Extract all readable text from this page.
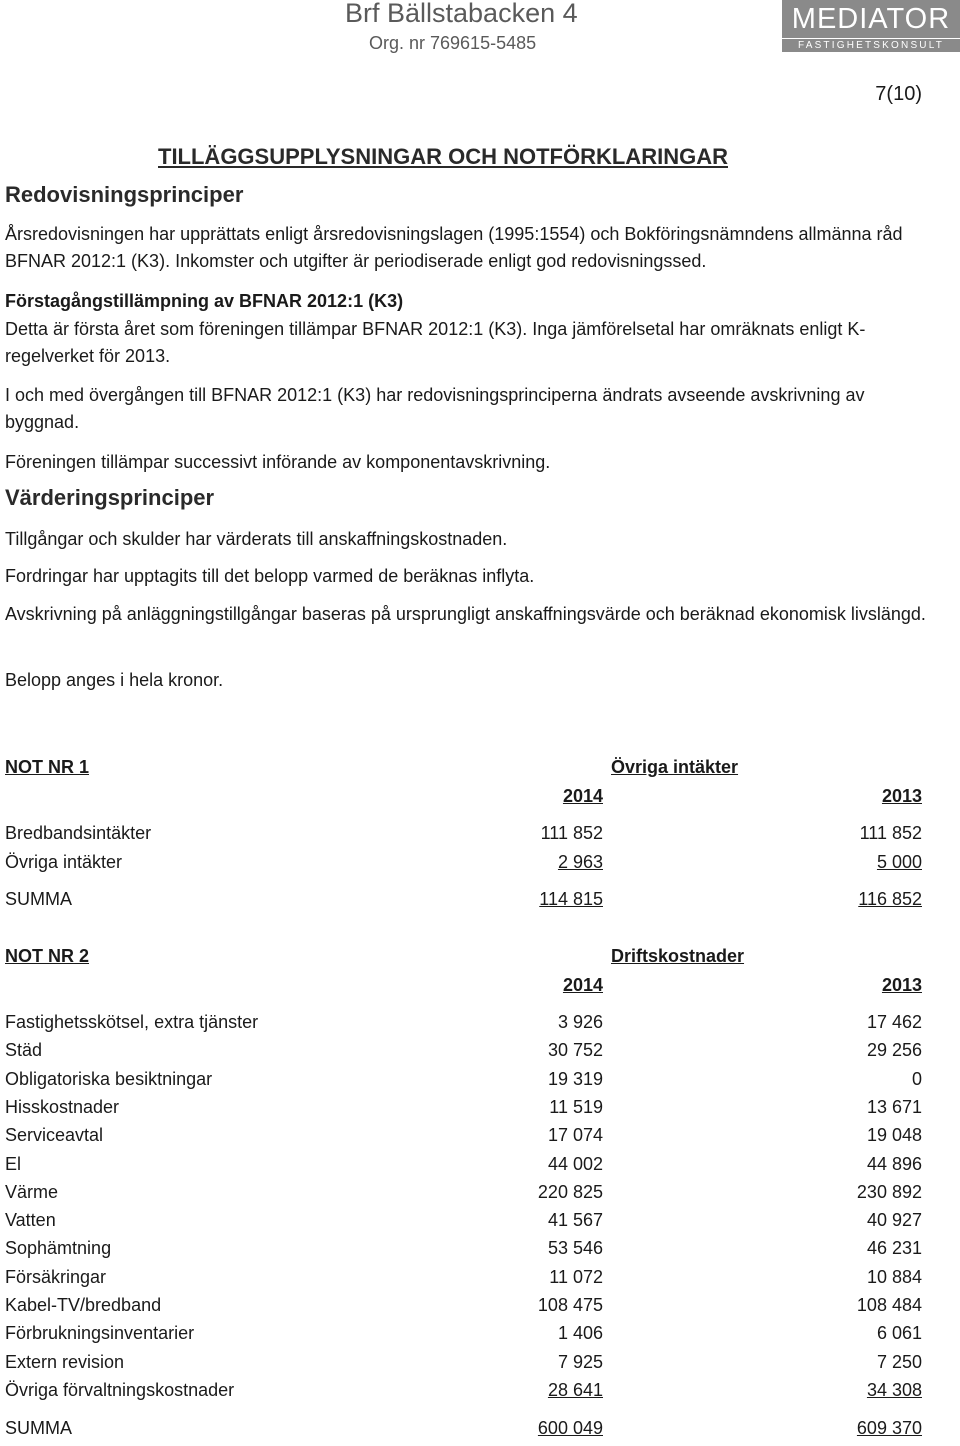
Brf Bällstabacken 4
Org. nr 769615-5485
MEDIATOR
FASTIGHETSKONSULT
7(10)
TILLÄGGSUPPLYSNINGAR OCH NOTFÖRKLARINGAR
Redovisningsprinciper
Årsredovisningen har upprättats enligt årsredovisningslagen (1995:1554) och Bokföringsnämndens allmänna råd BFNAR 2012:1 (K3). Inkomster och utgifter är periodiserade enligt god redovisningssed.
Förstagångstillämpning av BFNAR 2012:1 (K3)
Detta är första året som föreningen tillämpar BFNAR 2012:1 (K3). Inga jämförelsetal har omräknats enligt K-regelverket för 2013.
I och med övergången till BFNAR 2012:1 (K3) har redovisningsprinciperna ändrats avseende avskrivning av byggnad.
Föreningen tillämpar successivt införande av komponentavskrivning.
Värderingsprinciper
Tillgångar och skulder har värderats till anskaffningskostnaden.
Fordringar har upptagits till det belopp varmed de beräknas inflyta.
Avskrivning på anläggningstillgångar baseras på ursprungligt anskaffningsvärde och beräknad ekonomisk livslängd.
Belopp anges i hela kronor.
NOT NR 1	Övriga intäkter
2014	2013
Bredbandsintäkter	111 852	111 852
Övriga intäkter	2 963	5 000
SUMMA	114 815	116 852
NOT NR 2	Driftskostnader
2014	2013
Fastighetsskötsel, extra tjänster	3 926	17 462
Städ	30 752	29 256
Obligatoriska besiktningar	19 319	0
Hisskostnader	11 519	13 671
Serviceavtal	17 074	19 048
El	44 002	44 896
Värme	220 825	230 892
Vatten	41 567	40 927
Sophämtning	53 546	46 231
Försäkringar	11 072	10 884
Kabel-TV/bredband	108 475	108 484
Förbrukningsinventarier	1 406	6 061
Extern revision	7 925	7 250
Övriga förvaltningskostnader	28 641	34 308
SUMMA	600 049	609 370
